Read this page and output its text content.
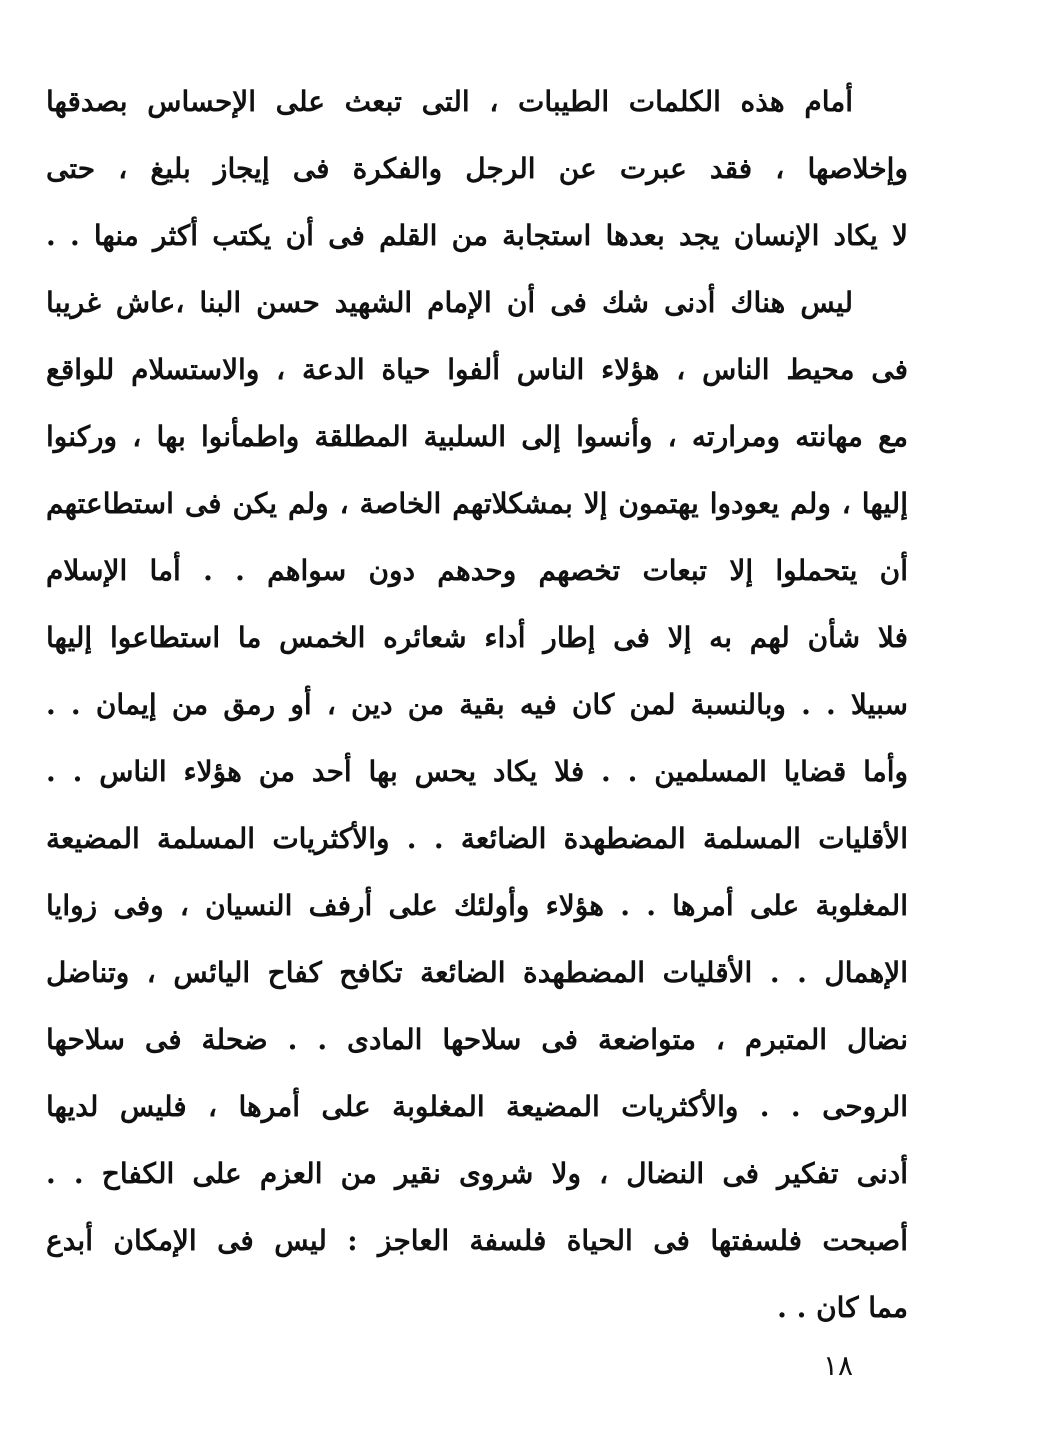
أمام هذه الكلمات الطيبات ، التى تبعث على الإحساس بصدقها
وإخلاصها ، فقد عبرت عن الرجل والفكرة فى إيجاز بليغ ، حتى
لا يكاد الإنسان يجد بعدها استجابة من القلم فى أن يكتب أكثر منها . .
ليس هناك أدنى شك فى أن الإمام الشهيد حسن البنا ،عاش غريبا
فى محيط الناس ، هؤلاء الناس ألفوا حياة الدعة ، والاستسلام للواقع
مع مهانته ومرارته ، وأنسوا إلى السلبية المطلقة واطمأنوا بها ، وركنوا
إليها ، ولم يعودوا يهتمون إلا بمشكلاتهم الخاصة ، ولم يكن فى استطاعتهم
أن يتحملوا إلا تبعات تخصهم وحدهم دون سواهم . . أما الإسلام
فلا شأن لهم به إلا فى إطار أداء شعائره الخمس ما استطاعوا إليها
سبيلا . . وبالنسبة لمن كان فيه بقية من دين ، أو رمق من إيمان . .
وأما قضايا المسلمين . . فلا يكاد يحس بها أحد من هؤلاء الناس . .
الأقليات المسلمة المضطهدة الضائعة . . والأكثريات المسلمة المضيعة
المغلوبة على أمرها . . هؤلاء وأولئك على أرفف النسيان ، وفى زوايا
الإهمال . . الأقليات المضطهدة الضائعة تكافح كفاح اليائس ، وتناضل
نضال المتبرم ، متواضعة فى سلاحها المادى . . ضحلة فى سلاحها
الروحى . . والأكثريات المضيعة المغلوبة على أمرها ، فليس لديها
أدنى تفكير فى النضال ، ولا شروى نقير من العزم على الكفاح . .
أصبحت فلسفتها فى الحياة فلسفة العاجز : ليس فى الإمكان أبدع
مما كان . .
١٨
